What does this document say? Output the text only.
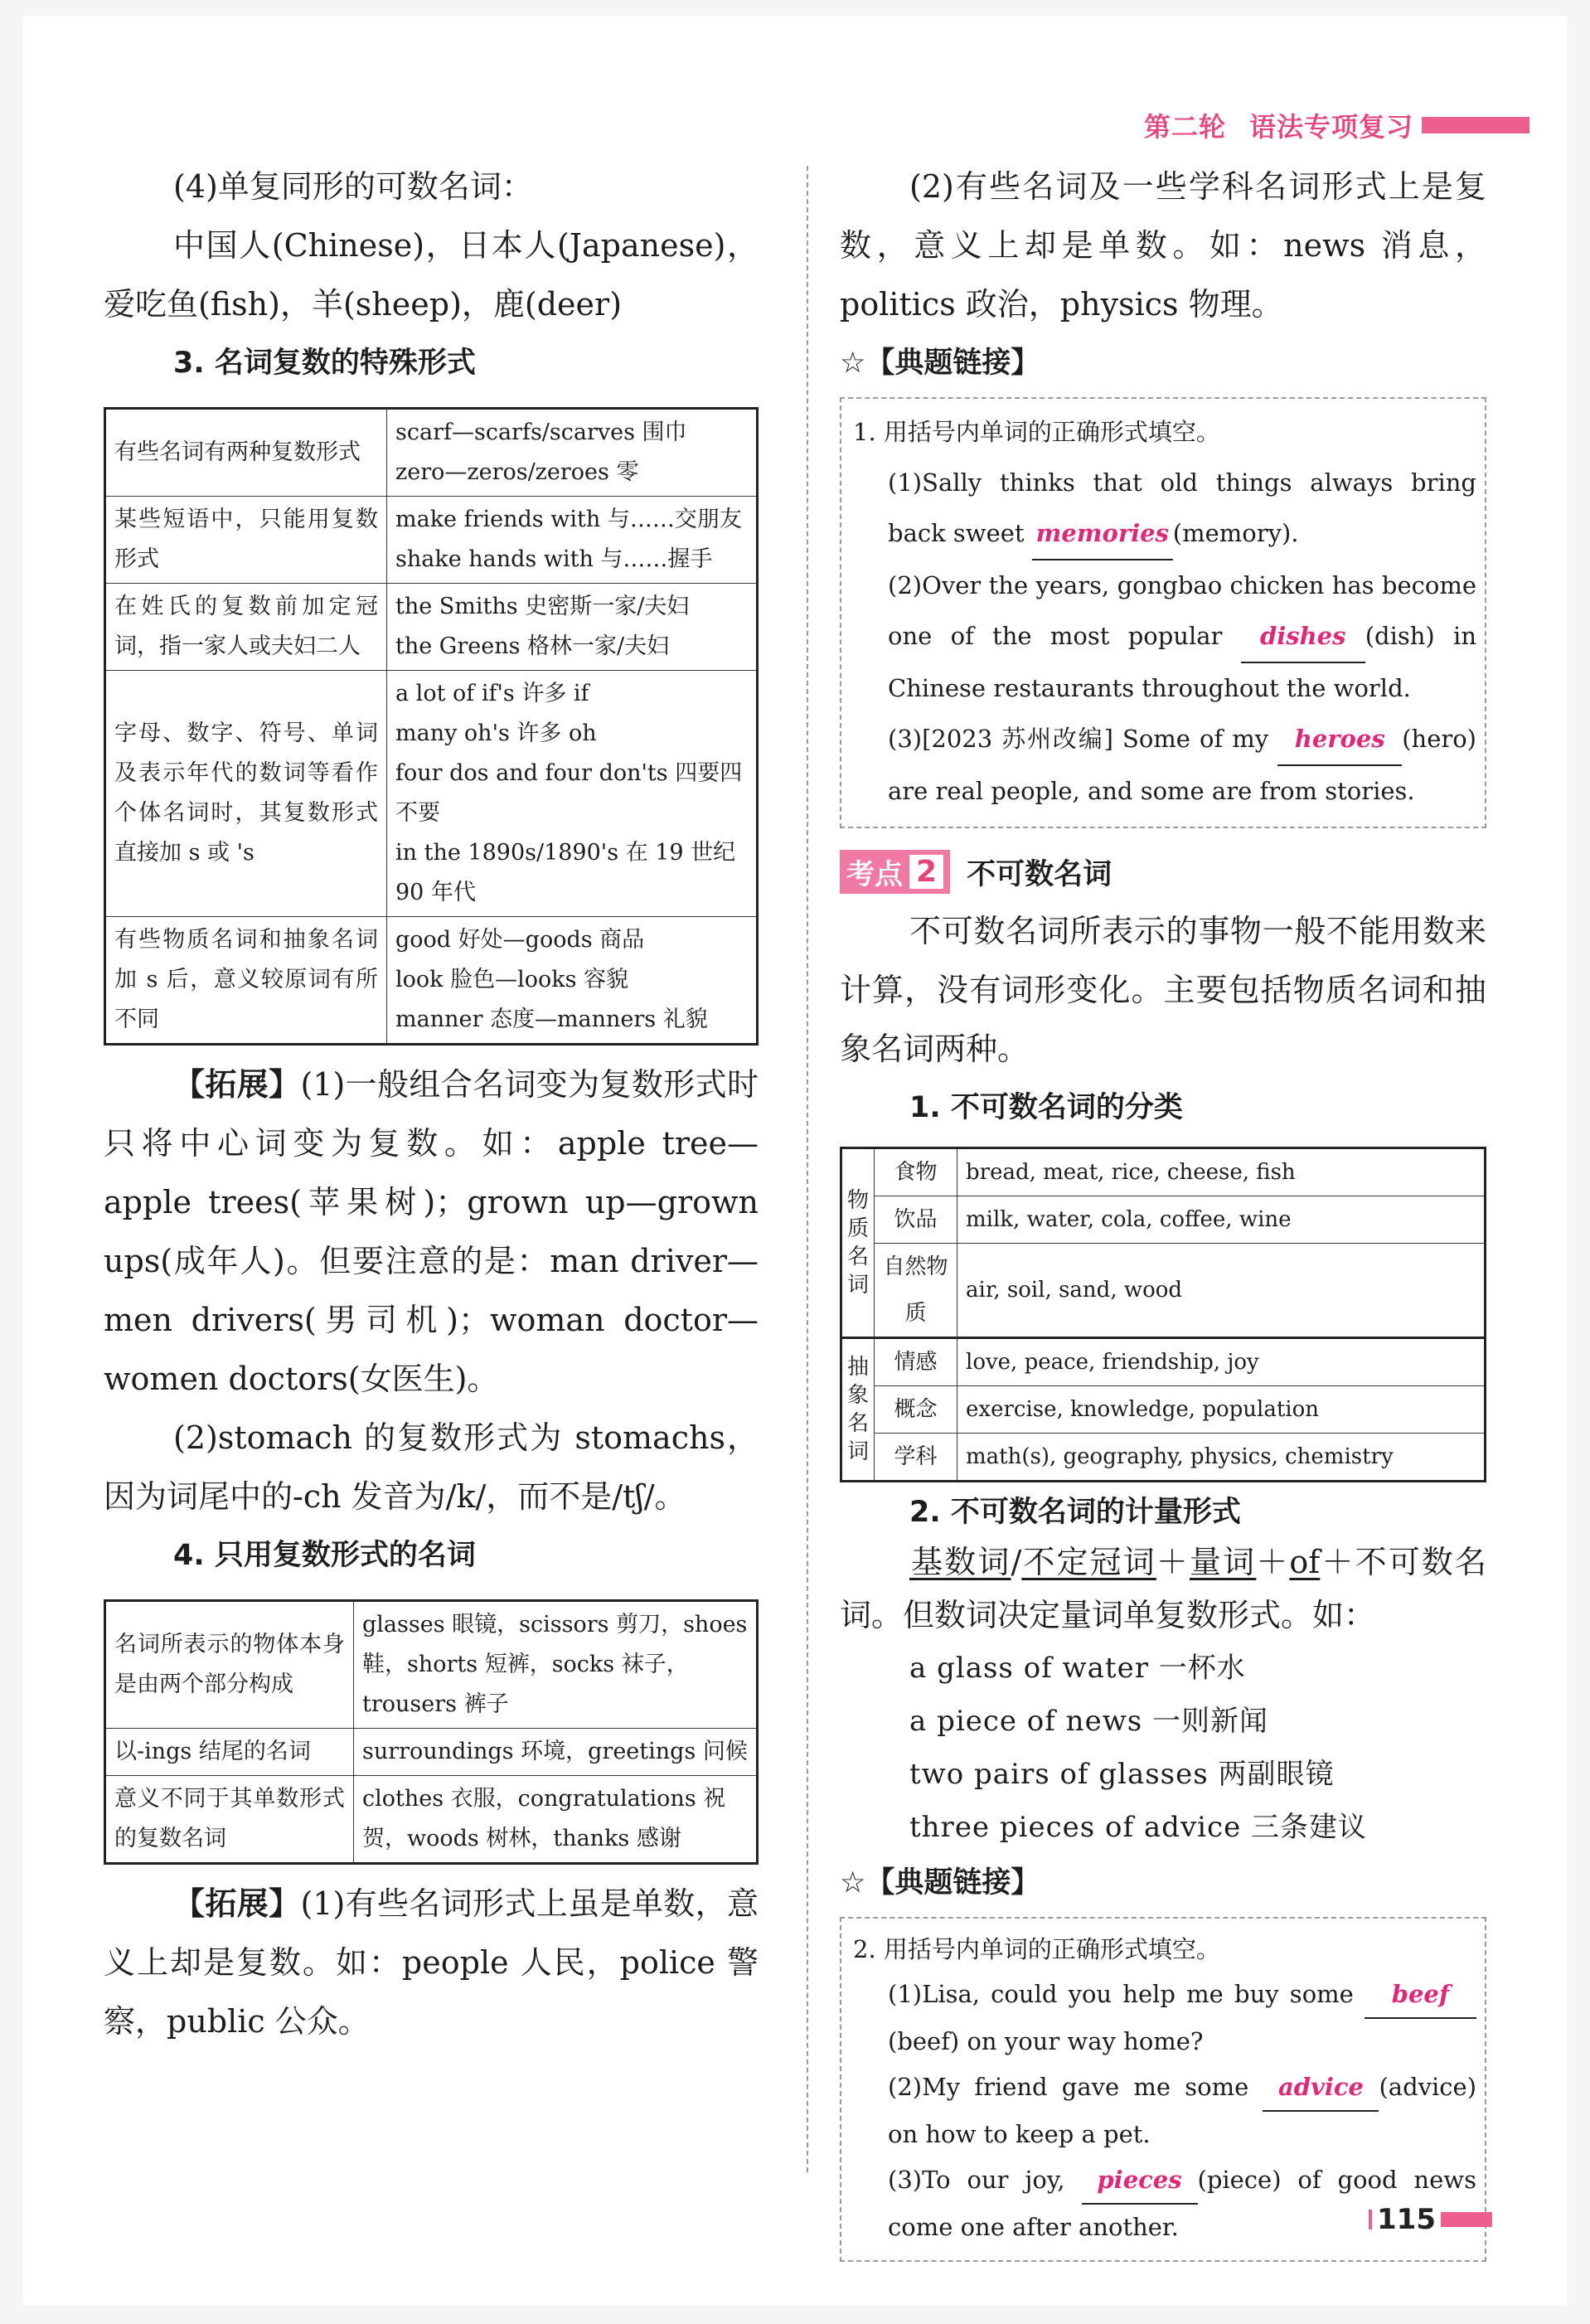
第二轮 语法专项复习
(4)单复同形的可数名词：
中国人(Chinese)，日本人(Japanese)，爱吃鱼(fish)，羊(sheep)，鹿(deer)
3. 名词复数的特殊形式
有些名词有两种复数形式	scarf—scarfs/scarves 围巾
zero—zeros/zeroes 零

某些短语中，只能用复数形式	make friends with 与……交朋友
shake hands with 与……握手

在姓氏的复数前加定冠词，指一家人或夫妇二人	the Smiths 史密斯一家/夫妇
the Greens 格林一家/夫妇

字母、数字、符号、单词及表示年代的数词等看作个体名词时，其复数形式直接加 s 或 's	a lot of if's 许多 if
many oh's 许多 oh
four dos and four don'ts 四要四不要
in the 1890s/1890's 在 19 世纪 90 年代

有些物质名词和抽象名词加 s 后，意义较原词有所不同	good 好处—goods 商品
look 脸色—looks 容貌
manner 态度—manners 礼貌
【拓展】(1)一般组合名词变为复数形式时只将中心词变为复数。如：apple tree—apple trees(苹果树)；grown up—grown ups(成年人)。但要注意的是：man driver—men drivers(男司机)；woman doctor—women doctors(女医生)。
(2)stomach 的复数形式为 stomachs，因为词尾中的-ch 发音为/k/，而不是/tʃ/。
4. 只用复数形式的名词
名词所表示的物体本身是由两个部分构成	glasses 眼镜，scissors 剪刀，shoes 鞋，shorts 短裤，socks 袜子，trousers 裤子
以-ings 结尾的名词	surroundings 环境，greetings 问候
意义不同于其单数形式的复数名词	clothes 衣服，congratulations 祝贺，woods 树林，thanks 感谢
【拓展】(1)有些名词形式上虽是单数，意义上却是复数。如：people 人民，police 警察，public 公众。
(2)有些名词及一些学科名词形式上是复数，意义上却是单数。如：news 消息，politics 政治，physics 物理。
☆【典题链接】
1. 用括号内单词的正确形式填空。
(1)Sally thinks that old things always bring back sweet memories (memory).
(2)Over the years, gongbao chicken has become one of the most popular dishes (dish) in Chinese restaurants throughout the world.
(3)[2023 苏州改编] Some of my heroes (hero) are real people, and some are from stories.
考点 2 不可数名词
不可数名词所表示的事物一般不能用数来计算，没有词形变化。主要包括物质名词和抽象名词两种。
1. 不可数名词的分类
物质名词	食物	bread, meat, rice, cheese, fish
	饮品	milk, water, cola, coffee, wine
	自然物质	air, soil, sand, wood
抽象名词	情感	love, peace, friendship, joy
	概念	exercise, knowledge, population
	学科	math(s), geography, physics, chemistry
2. 不可数名词的计量形式
基数词/不定冠词＋量词＋of＋不可数名词。但数词决定量词单复数形式。如：
a glass of water 一杯水
a piece of news 一则新闻
two pairs of glasses 两副眼镜
three pieces of advice 三条建议
☆【典题链接】
2. 用括号内单词的正确形式填空。
(1)Lisa, could you help me buy some beef (beef) on your way home?
(2)My friend gave me some advice (advice) on how to keep a pet.
(3)To our joy, pieces (piece) of good news come one after another.	115
